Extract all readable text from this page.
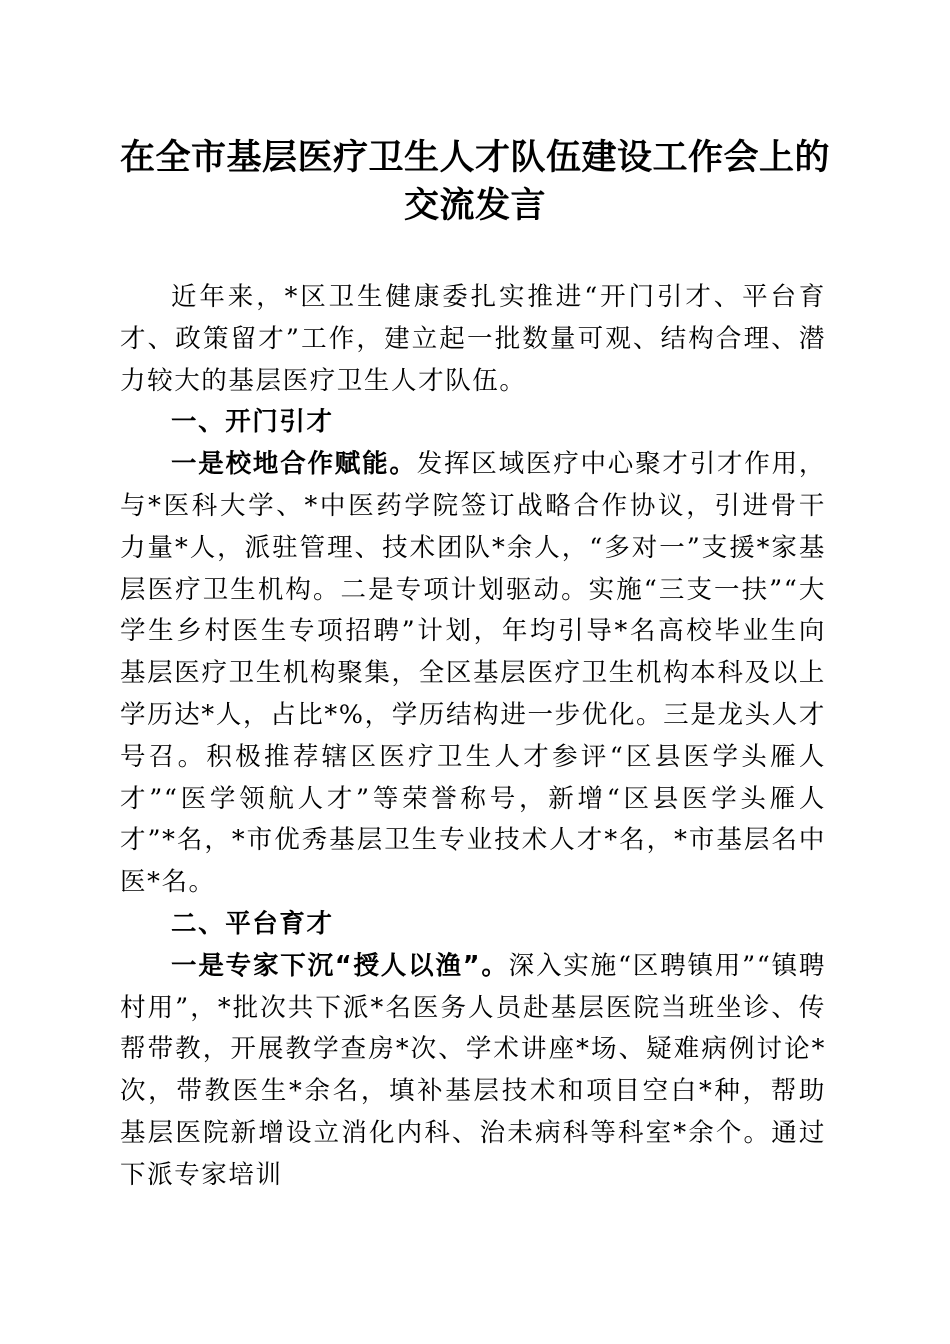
在全市基层医疗卫生人才队伍建设工作会上的
交流发言

近年来，*区卫生健康委扎实推进“开门引才、平台育才、政策留才”工作，建立起一批数量可观、结构合理、潜力较大的基层医疗卫生人才队伍。

一、开门引才

一是校地合作赋能。发挥区域医疗中心聚才引才作用，与*医科大学、*中医药学院签订战略合作协议，引进骨干力量*人，派驻管理、技术团队*余人，“多对一”支援*家基层医疗卫生机构。二是专项计划驱动。实施“三支一扶”“大学生乡村医生专项招聘”计划，年均引导*名高校毕业生向基层医疗卫生机构聚集，全区基层医疗卫生机构本科及以上学历达*人，占比*%，学历结构进一步优化。三是龙头人才号召。积极推荐辖区医疗卫生人才参评“区县医学头雁人才”“医学领航人才”等荣誉称号，新增“区县医学头雁人才”*名，*市优秀基层卫生专业技术人才*名，*市基层名中医*名。

二、平台育才

一是专家下沉“授人以渔”。深入实施“区聘镇用”“镇聘村用”，*批次共下派*名医务人员赴基层医院当班坐诊、传帮带教，开展教学查房*次、学术讲座*场、疑难病例讨论*次，带教医生*余名，填补基层技术和项目空白*种，帮助基层医院新增设立消化内科、治未病科等科室*余个。通过下派专家培训
